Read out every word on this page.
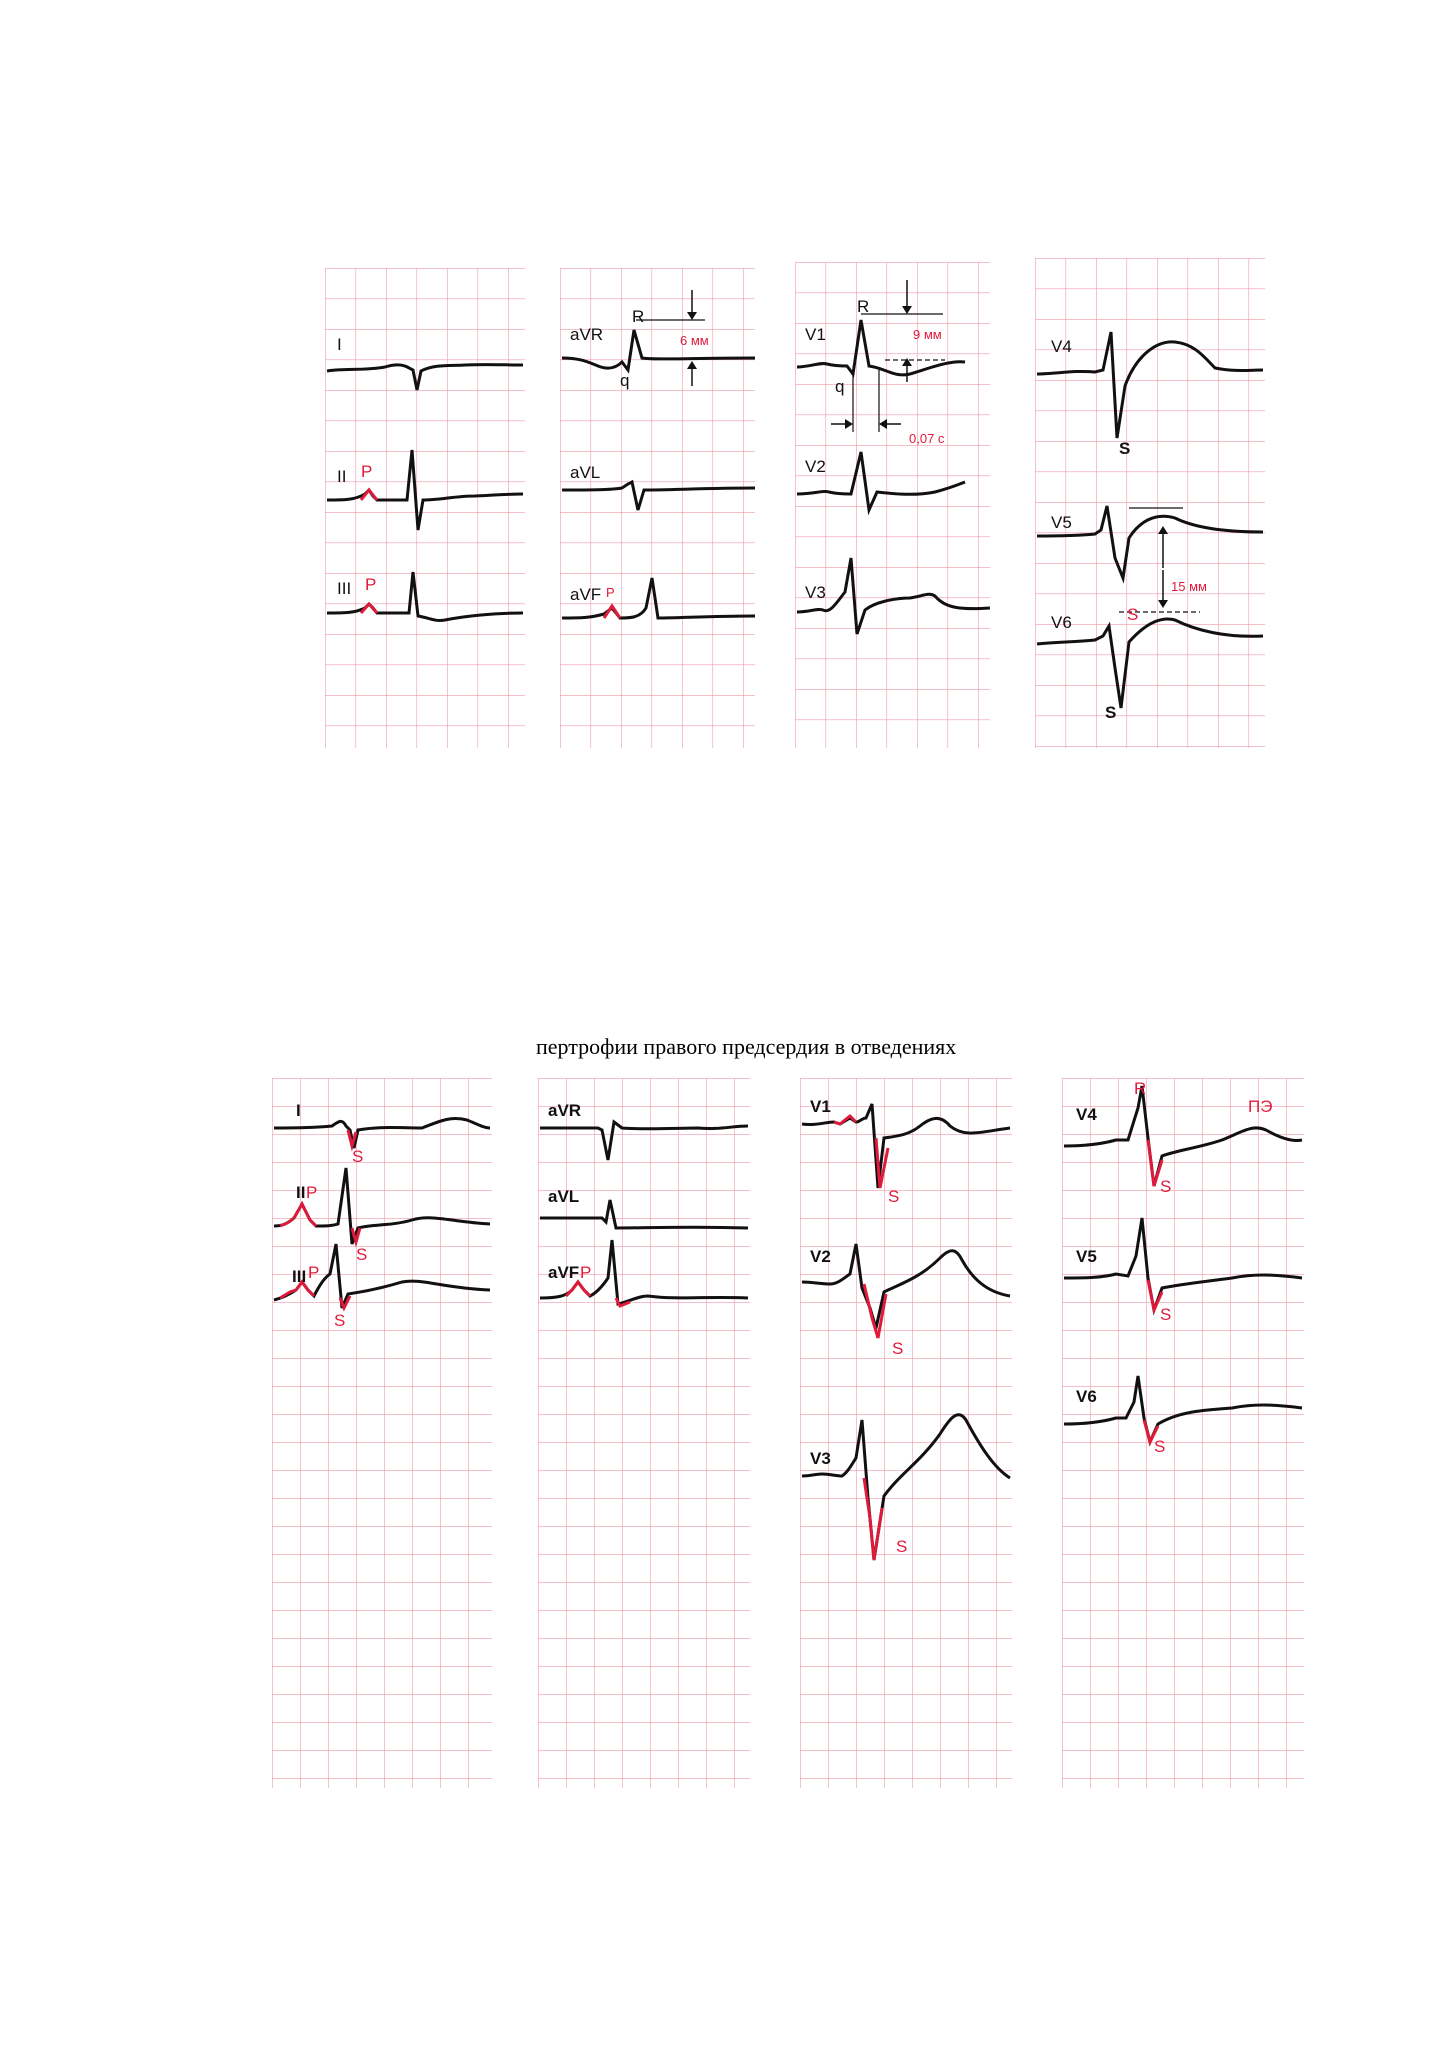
I
II P
III P
aVR
R
q
6 мм
aVL
aVF P
V1
R
q
9 мм
0,07 с
V2
V3
V4
S
V5
15 мм
V6	S
S
пертрофии правого предсердия в отведениях
I
S
II P
S
III P
S
aVR
aVL
aVF P
V1
S
V2
S
V3
S
R
ПЭ
V4
S
V5
S
V6
S
